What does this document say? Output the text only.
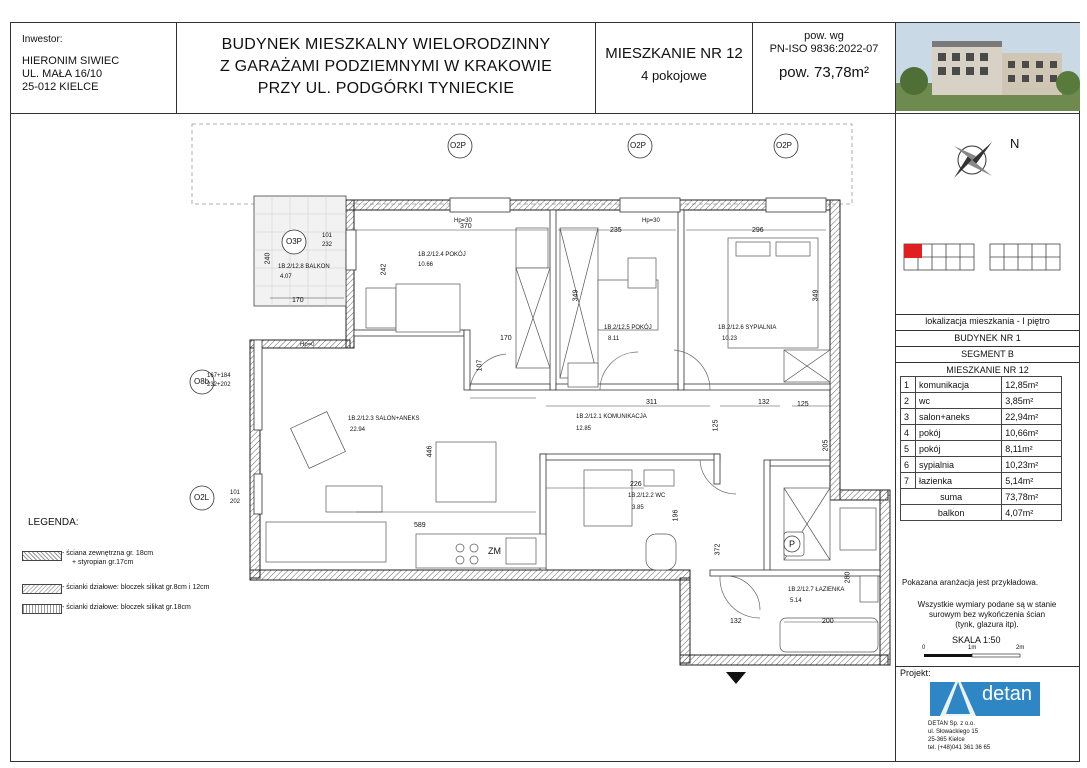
Inwestor:
HIERONIM SIWIEC
UL. MAŁA 16/10
25-012 KIELCE
BUDYNEK MIESZKALNY WIELORODZINNY
Z GARAŻAMI PODZIEMNYMI W KRAKOWIE
PRZY UL. PODGÓRKI TYNIECKIE
MIESZKANIE NR 12
4 pokojowe
pow. wg
PN-ISO 9836:2022-07
pow. 73,78m²
N
lokalizacja mieszkania - I piętro
BUDYNEK NR 1
SEGMENT B
MIESZKANIE NR 12
1	komunikacja	12,85m²
2	wc	3,85m²
3	salon+aneks	22,94m²
4	pokój	10,66m²
5	pokój	8,11m²
6	sypialnia	10,23m²
7	łazienka	5,14m²
suma		73,78m²
balkon		4,07m²
Pokazana aranżacja jest przykładowa.
Wszystkie wymiary podane są w stanie
surowym bez wykończenia ścian
(tynk, glazura itp).
SKALA 1:50
0	1m	2m
Projekt:
detan
DETAN Sp. z o.o.
ul. Słowackiego 15
25-365 Kielce
tel. (+48)041 361 36 65
LEGENDA:
- ściana zewnętrzna gr. 18cm
+ styropian gr.17cm
- ścianki działowe: bloczek silikat gr.8cm i 12cm
- ścianki działowe: bloczek silikat gr.18cm
O2P	O2P	O2P
O3P
O8b
O2L
1B.2/12.4 POKÓJ
10.66
1B.2/12.5 POKÓJ
8.11
1B.2/12.6 SYPIALNIA
10.23
1B.2/12.3 SALON+ANEKS
22.94
1B.2/12.1 KOMUNIKACJA
12.85
1B.2/12.2 WC
3.85
1B.2/12.7 ŁAZIENKA
5.14
1B.2/12.8 BALKON
4.07
370
235	296
242
240
170
170
349	349
311	132	125
125
446
589
226
196
205
372
280
132	200
107
Hp=30	Hp=30
Hp=0
167+184
232+202
101
232
101
202
ZM
P
